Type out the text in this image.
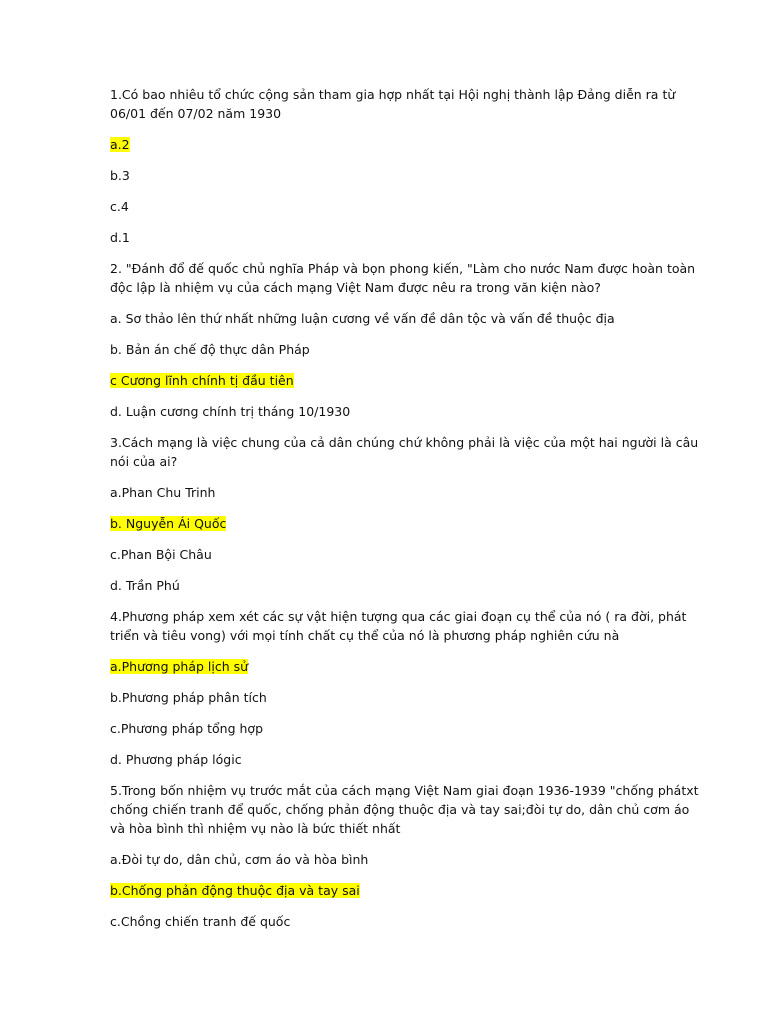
1.Có bao nhiêu tổ chức cộng sản tham gia hợp nhất tại Hội nghị thành lập Đảng diễn ra từ 06/01 đến 07/02 năm 1930

a.2

b.3

c.4

d.1

2. "Đánh đổ đế quốc chủ nghĩa Pháp và bọn phong kiến, "Làm cho nước Nam được hoàn toàn độc lập là nhiệm vụ của cách mạng Việt Nam được nêu ra trong văn kiện nào?

a. Sơ thảo lên thứ nhất những luận cương về vấn đề dân tộc và vấn đề thuộc địa

b. Bản án chế độ thực dân Pháp

c Cương lĩnh chính tị đầu tiên

d. Luận cương chính trị tháng 10/1930

3.Cách mạng là việc chung của cả dân chúng chứ không phải là việc của một hai người là câu nói của ai?

a.Phan Chu Trinh

b. Nguyễn Ái Quốc

c.Phan Bội Châu

d. Trần Phú

4.Phương pháp xem xét các sự vật hiện tượng qua các giai đoạn cụ thể của nó ( ra đời, phát triển và tiêu vong) với mọi tính chất cụ thể của nó là phương pháp nghiên cứu nà

a.Phương pháp lịch sử

b.Phương pháp phân tích

c.Phương pháp tổng hợp

d. Phương pháp lógic

5.Trong bốn nhiệm vụ trước mắt của cách mạng Việt Nam giai đoạn 1936-1939 "chống phátxt chống chiến tranh để quốc, chống phản động thuộc địa và tay sai;đòi tự do, dân chủ cơm áo và hòa bình thì nhiệm vụ nào là bức thiết nhất

a.Đòi tự do, dân chủ, cơm áo và hòa bình

b.Chống phản động thuộc địa và tay sai

c.Chồng chiến tranh đế quốc
